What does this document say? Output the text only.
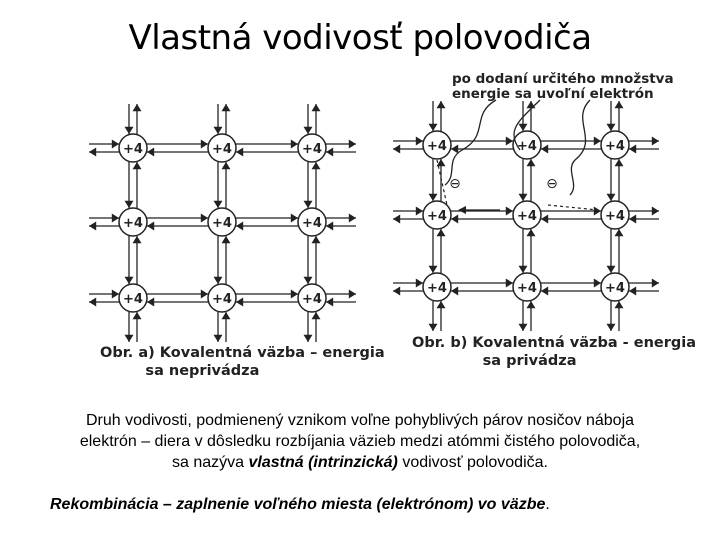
Vlastná vodivosť polovodiča
+4	+4	+4
+4	+4	+4
+4	+4	+4
+4	+4	+4
+4	+4	+4
+4	+4	+4
⊖	⊖
po dodaní určitého množstva
energie sa uvoľní elektrón
Obr. a) Kovalentná väzba – energia
sa neprivádza
Obr. b) Kovalentná väzba - energia
sa privádza

Druh vodivosti, podmienený vznikom voľne pohyblivých párov nosičov náboja

elektrón – diera v dôsledku rozbíjania väzieb medzi atómmi čistého polovodiča,

sa nazýva vlastná (intrinzická) vodivosť polovodiča.

Rekombinácia – zaplnenie voľného miesta (elektrónom) vo väzbe.
